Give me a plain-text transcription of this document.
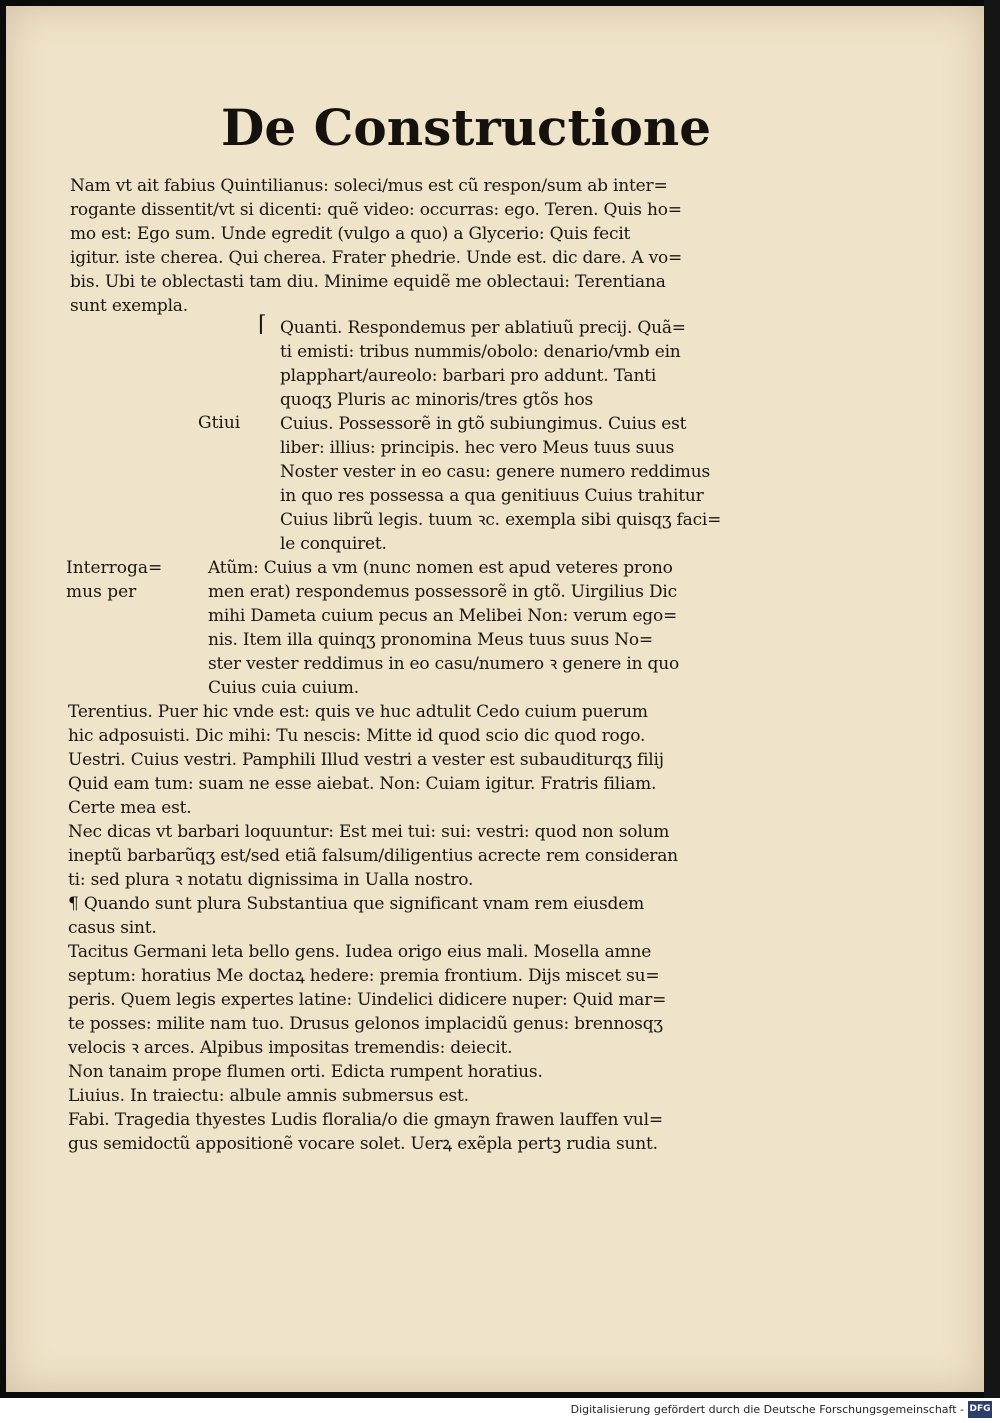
De Constructione
Nam vt ait fabius Quintilianus: soleci/mus est cũ respon/sum ab inter=
rogante dissentit/vt si dicenti: quẽ video: occurras: ego. Teren. Quis ho=
mo est: Ego sum. Unde egredit (vulgo a quo) a Glycerio: Quis fecit
igitur. iste cherea. Qui cherea. Frater phedrie. Unde est. dic dare. A vo=
bis. Ubi te oblectasti tam diu. Minime equidẽ me oblectaui: Terentiana
sunt exempla.
⌈ Quanti. Respondemus per ablatiuũ precij. Quã=
ti emisti: tribus nummis/obolo: denario/vmb ein
plapphart/aureolo: barbari pro addunt. Tanti
quoqʒ Pluris ac minoris/tres gtõs hos
Gtiui Cuius. Possessorẽ in gtõ subiungimus. Cuius est
liber: illius: principis. hec vero Meus tuus suus
Noster vester in eo casu: genere numero reddimus
in quo res possessa a qua genitiuus Cuius trahitur
Cuius librũ legis. tuum ꝛc. exempla sibi quisqʒ faci=
le conquiret.
Interroga=
mus per
Atũm: Cuius a vm (nunc nomen est apud veteres prono
men erat) respondemus possessorẽ in gtõ. Uirgilius Dic
mihi Dameta cuium pecus an Melibei Non: verum ego=
nis. Item illa quinqʒ pronomina Meus tuus suus No=
ster vester reddimus in eo casu/numero ꝛ genere in quo
Cuius cuia cuium.
Terentius. Puer hic vnde est: quis ve huc adtulit Cedo cuium puerum
hic adposuisti. Dic mihi: Tu nescis: Mitte id quod scio dic quod rogo.
Uestri. Cuius vestri. Pamphili Illud vestri a vester est subauditurqʒ filij
Quid eam tum: suam ne esse aiebat. Non: Cuiam igitur. Fratris filiam.
Certe mea est.
Nec dicas vt barbari loquuntur: Est mei tui: sui: vestri: quod non solum
ineptũ barbarũqʒ est/sed etiã falsum/diligentius acrecte rem consideran
ti: sed plura ꝛ notatu dignissima in Ualla nostro.
¶ Quando sunt plura Substantiua que significant vnam rem eiusdem
casus sint.
Tacitus Germani leta bello gens. Iudea origo eius mali. Mosella amne
septum: horatius Me doctaꝝ hedere: premia frontium. Dijs miscet su=
peris. Quem legis expertes latine: Uindelici didicere nuper: Quid mar=
te posses: milite nam tuo. Drusus gelonos implacidũ genus: brennosqʒ
velocis ꝛ arces. Alpibus impositas tremendis: deiecit.
Non tanaim prope flumen orti. Edicta rumpent horatius.
Liuius. In traiectu: albule amnis submersus est.
Fabi. Tragedia thyestes Ludis floralia/o die gmayn frawen lauffen vul=
gus semidoctũ appositionẽ vocare solet. Uerꝝ exẽpla pertꝫ rudia sunt.
Digitalisierung gefördert durch die Deutsche Forschungsgemeinschaft - DFG
